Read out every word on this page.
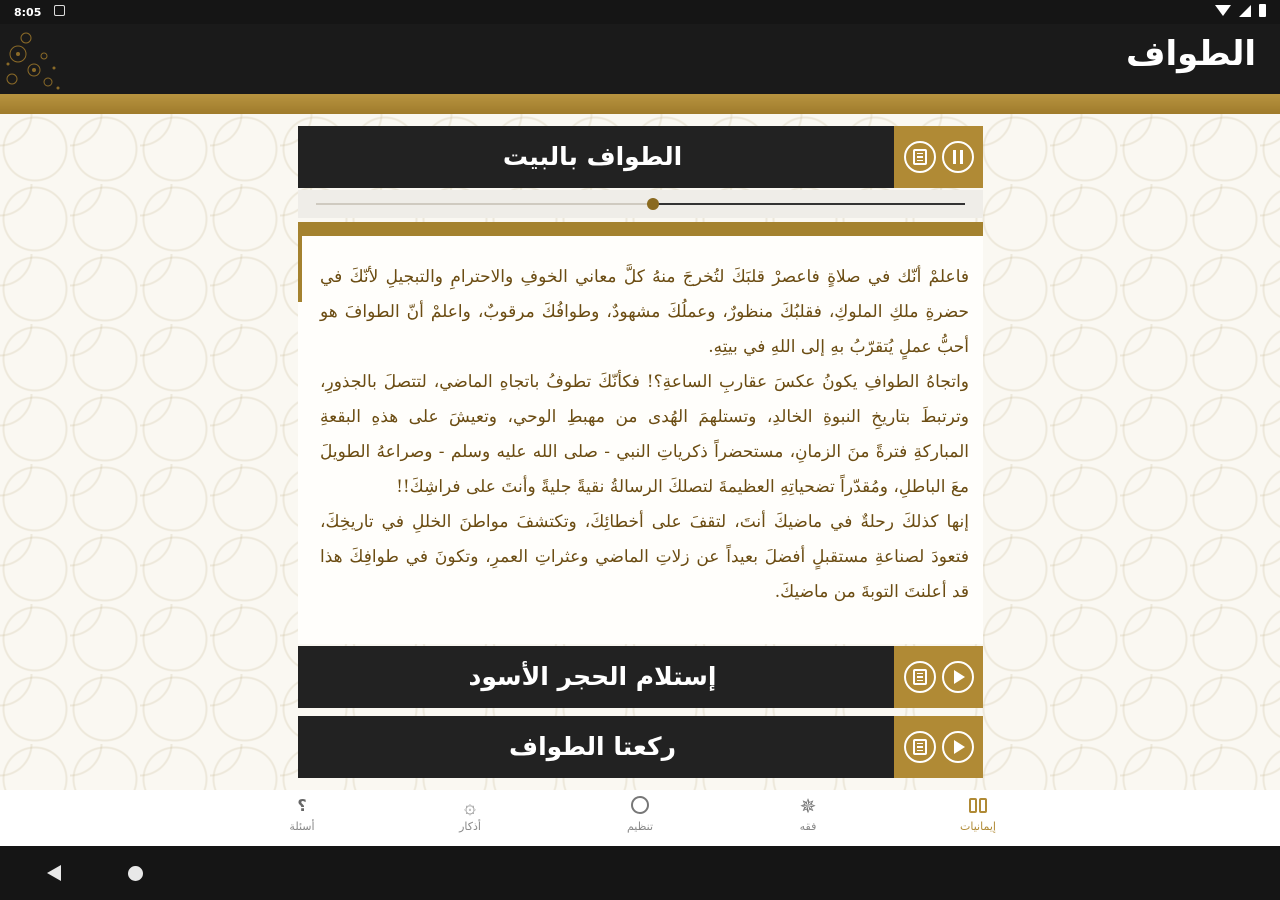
8:05
الطواف
الطواف بالبيت

فاعلمْ أنّك في صلاةٍ فاعصرْ قلبَكَ لتُخرجَ منهُ كلَّ معاني الخوفِ والاحترامِ والتبجيلِ لأنّكَ في حضرةِ ملكِ الملوكِ، فقلبُكَ منظورٌ، وعملُكَ مشهودٌ، وطوافُكَ مرقوبٌ، واعلمْ أنّ الطوافَ هو أحبُّ عملٍ يُتقرّبُ بهِ إلى اللهِ في بيتِهِ.

واتجاهُ الطوافِ يكونُ عكسَ عقاربِ الساعةِ؟! فكأنّكَ تطوفُ باتجاهِ الماضي، لتتصلَ بالجذورِ، وترتبطَ بتاريخِ النبوةِ الخالدِ، وتستلهمَ الهُدى من مهبطِ الوحي، وتعيشَ على هذهِ البقعةِ المباركةِ فترةً منَ الزمانِ، مستحضراً ذكرياتِ النبي - صلى الله عليه وسلم - وصراعهُ الطويلَ معَ الباطلِ، ومُقدّراً تضحياتِهِ العظيمةَ لتصلكَ الرسالةُ نقيةً جليةً وأنتَ على فراشِكَ!!

إنها كذلكَ رحلةٌ في ماضيكَ أنتَ، لتقفَ على أخطائِكَ، وتكتشفَ مواطنَ الخللِ في تاريخِكَ، فتعودَ لصناعةِ مستقبلٍ أفضلَ بعيداً عن زلاتِ الماضي وعثراتِ العمرِ، وتكونَ في طوافِكَ هذا قد أعلنتَ التوبةَ من ماضيكَ.

إستلام الحجر الأسود
ركعتا الطواف
إيمانيات
✵
فقه
تنظيم
۞
أذكار
؟
أسئلة
